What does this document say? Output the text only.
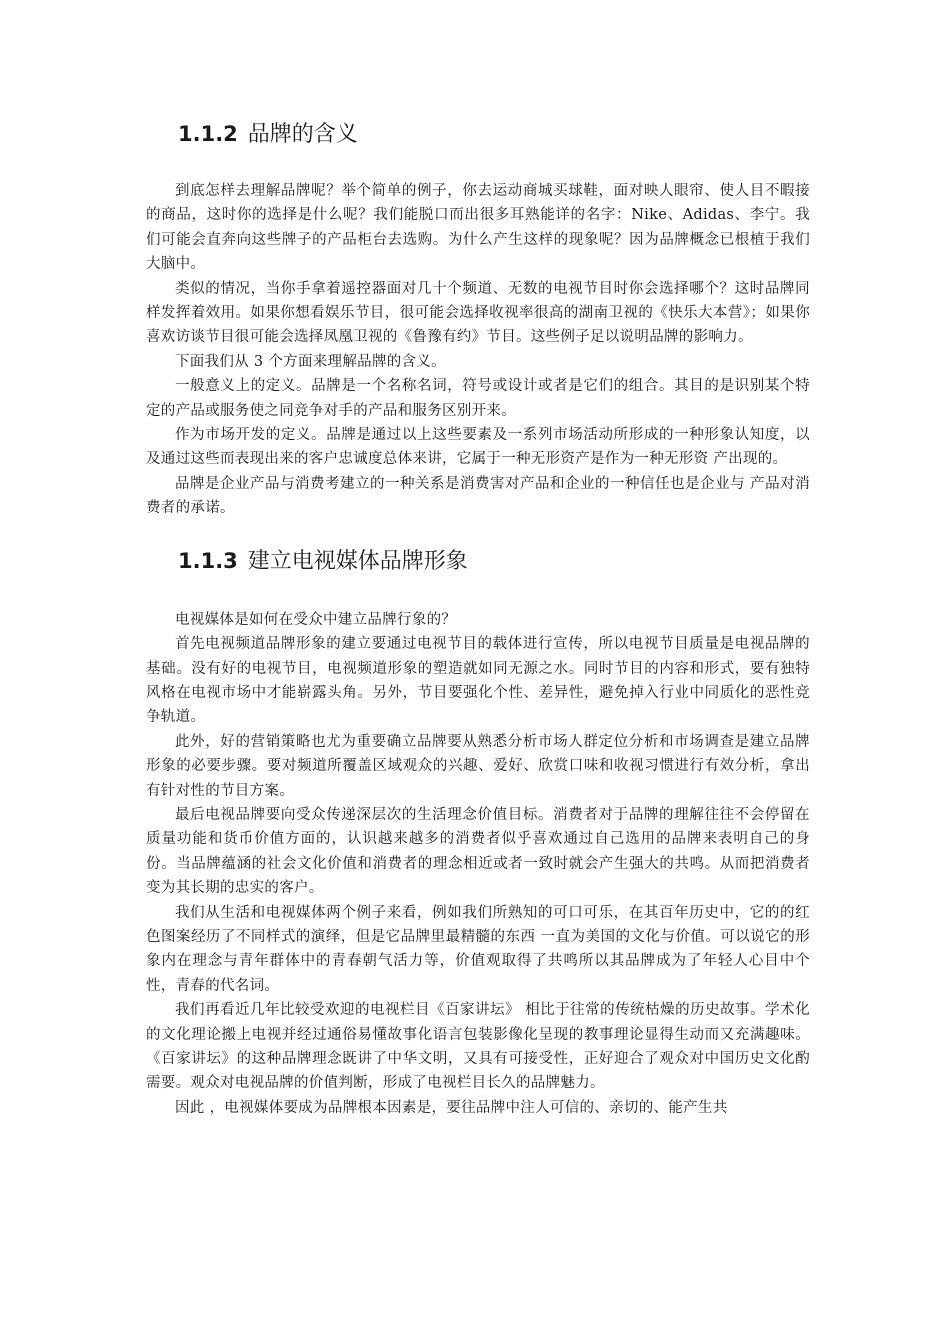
1.1.2 品牌的含义

到底怎样去理解品牌呢？举个简单的例子，你去运动商城买球鞋，面对映人眼帘、使人目不暇接的商品，这时你的选择是什么呢？我们能脱口而出很多耳熟能详的名字：Nike、Adidas、李宁。我们可能会直奔向这些牌子的产品柜台去选购。为什么产生这样的现象呢？因为品牌概念已根植于我们大脑中。

类似的情况，当你手拿着遥控器面对几十个频道、无数的电视节目时你会选择哪个？这时品牌同样发挥着效用。如果你想看娱乐节目，很可能会选择收视率很高的湖南卫视的《快乐大本营》；如果你喜欢访谈节目很可能会选择凤凰卫视的《鲁豫有约》节目。这些例子足以说明品牌的影响力。

下面我们从 3 个方面来理解品牌的含义。

一般意义上的定义。品牌是一个名称名词，符号或设计或者是它们的组合。其目的是识别某个特定的产品或服务使之同竞争对手的产品和服务区别开来。

作为市场开发的定义。品牌是通过以上这些要素及一系列市场活动所形成的一种形象认知度，以及通过这些而表现出来的客户忠诚度总体来讲，它属于一种无形资产是作为一种无形资 产出现的。

品牌是企业产品与消费考建立的一种关系是消费害对产品和企业的一种信任也是企业与 产品对消费者的承诺。

1.1.3 建立电视媒体品牌形象

电视媒体是如何在受众中建立品牌行象的？

首先电视频道品牌形象的建立要通过电视节目的载体进行宣传，所以电视节目质量是电视品牌的基础。没有好的电视节目，电视频道形象的塑造就如同无源之水。同时节目的内容和形式，要有独特风格在电视市场中才能崭露头角。另外，节目要强化个性、差异性，避免掉入行业中同质化的恶性竞争轨道。

此外，好的营销策略也尤为重要确立品牌要从熟悉分析市场人群定位分析和市场调查是建立品牌形象的必要步骤。要对频道所覆盖区域观众的兴趣、爱好、欣赏口味和收视习惯进行有效分析，拿出有针对性的节目方案。

最后电视品牌要向受众传递深层次的生活理念价值目标。消费者对于品牌的理解往往不会停留在质量功能和货币价值方面的，认识越来越多的消费者似乎喜欢通过自己选用的品牌来表明自己的身份。当品牌蕴涵的社会文化价值和消费者的理念相近或者一致时就会产生强大的共鸣。从而把消费者变为其长期的忠实的客户。

我们从生活和电视媒体两个例子来看，例如我们所熟知的可口可乐，在其百年历史中，它的的红色图案经历了不同样式的演绎，但是它品牌里最精髓的东西 一直为美国的文化与价值。可以说它的形象内在理念与青年群体中的青春朝气活力等，价值观取得了共鸣所以其品牌成为了年轻人心目中个性，青春的代名词。

我们再看近几年比较受欢迎的电视栏目《百家讲坛》 相比于往常的传统枯燥的历史故事。学术化的文化理论搬上电视并经过通俗易懂故事化语言包装影像化呈现的教事理论显得生动而又充满趣味。《百家讲坛》的这种品牌理念既讲了中华文明，又具有可接受性，正好迎合了观众对中国历史文化酌需要。观众对电视品牌的价值判断，形成了电视栏目长久的品牌魅力。

因此 ，电视媒体要成为品牌根本因素是，要往品牌中注人可信的、亲切的、能产生共
